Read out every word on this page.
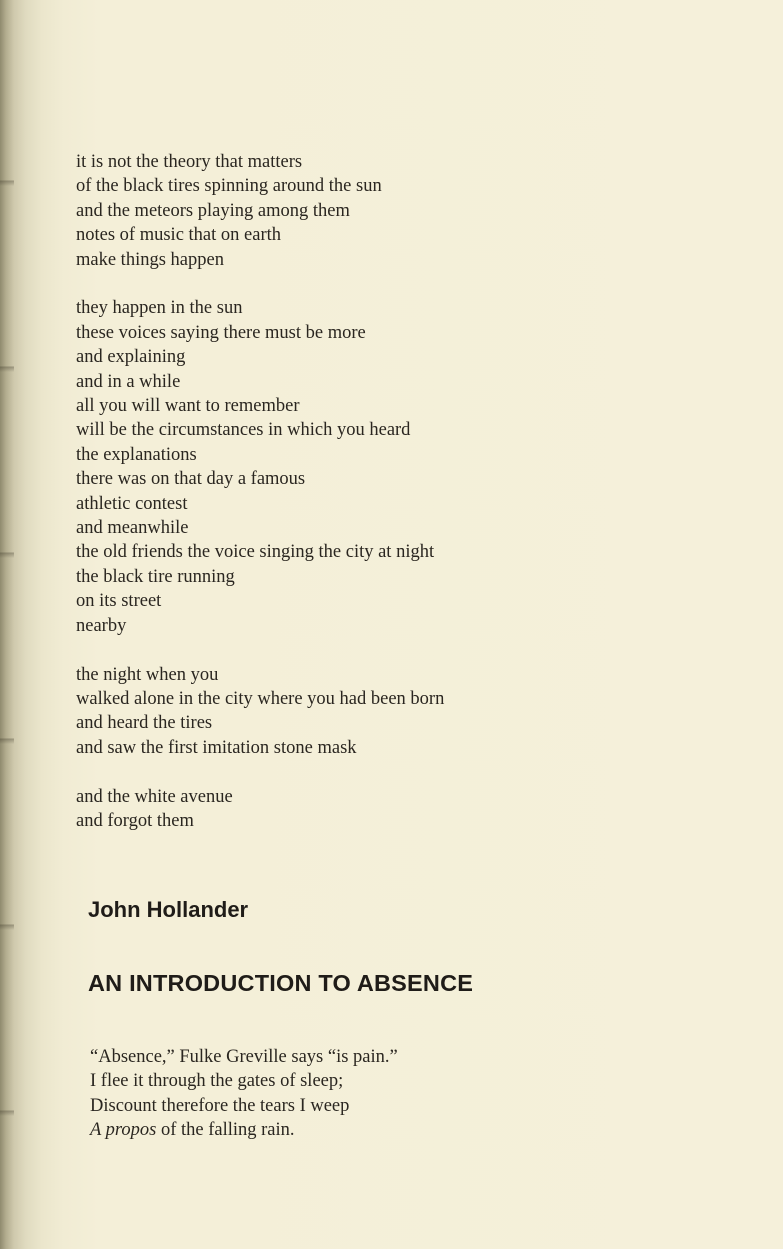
it is not the theory that matters
of the black tires spinning around the sun
and the meteors playing among them
notes of music that on earth
make things happen
they happen in the sun
these voices saying there must be more
and explaining
and in a while
all you will want to remember
will be the circumstances in which you heard
the explanations
there was on that day a famous
athletic contest
and meanwhile
the old friends the voice singing the city at night
the black tire running
on its street
nearby
the night when you
walked alone in the city where you had been born
and heard the tires
and saw the first imitation stone mask
and the white avenue
and forgot them
John Hollander
AN INTRODUCTION TO ABSENCE
“Absence,” Fulke Greville says “is pain.”
I flee it through the gates of sleep;
Discount therefore the tears I weep
A propos of the falling rain.
